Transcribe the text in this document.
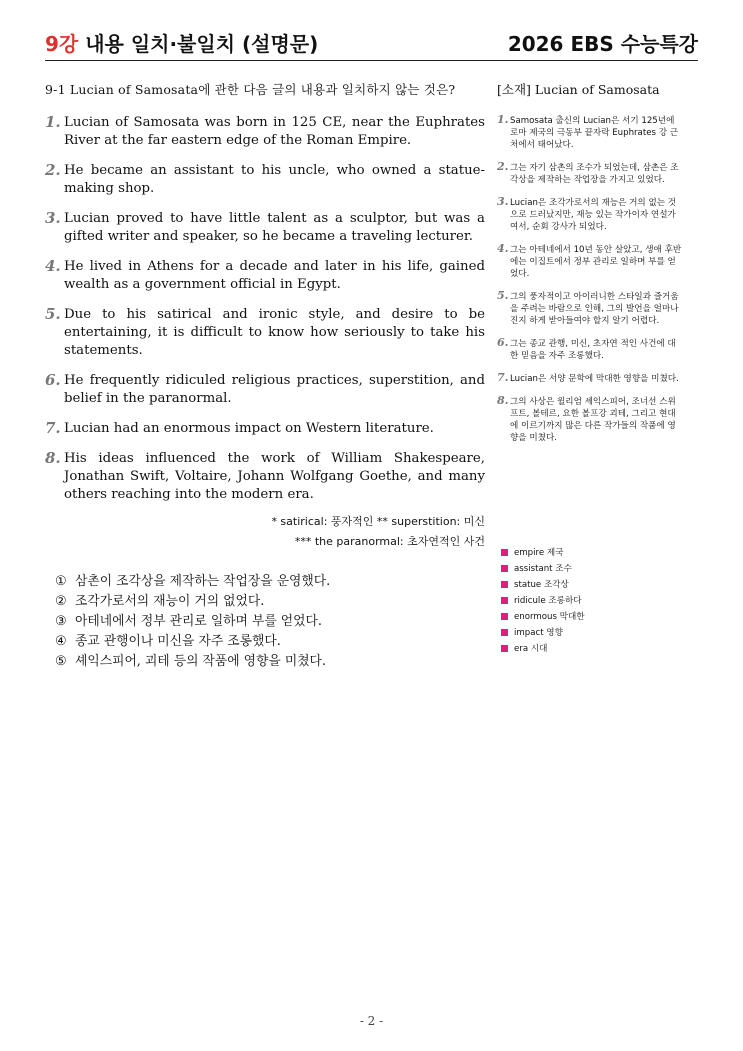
9강 내용 일치·불일치 (설명문)	2026 EBS 수능특강
9-1 Lucian of Samosata에 관한 다음 글의 내용과 일치하지 않는 것은?
1. Lucian of Samosata was born in 125 CE, near the Euphrates River at the far eastern edge of the Roman Empire.
2. He became an assistant to his uncle, who owned a statue-making shop.
3. Lucian proved to have little talent as a sculptor, but was a gifted writer and speaker, so he became a traveling lecturer.
4. He lived in Athens for a decade and later in his life, gained wealth as a government official in Egypt.
5. Due to his satirical and ironic style, and desire to be entertaining, it is difficult to know how seriously to take his statements.
6. He frequently ridiculed religious practices, superstition, and belief in the paranormal.
7. Lucian had an enormous impact on Western literature.
8. His ideas influenced the work of William Shakespeare, Jonathan Swift, Voltaire, Johann Wolfgang Goethe, and many others reaching into the modern era.
* satirical: 풍자적인 ** superstition: 미신
*** the paranormal: 초자연적인 사건
① 삼촌이 조각상을 제작하는 작업장을 운영했다.
② 조각가로서의 재능이 거의 없었다.
③ 아테네에서 정부 관리로 일하며 부를 얻었다.
④ 종교 관행이나 미신을 자주 조롱했다.
⑤ 셰익스피어, 괴테 등의 작품에 영향을 미쳤다.
[소재] Lucian of Samosata
1. Samosata 출신의 Lucian은 서기 125년에 로마 제국의 극동부 끝자락 Euphrates 강 근처에서 태어났다.
2. 그는 자기 삼촌의 조수가 되었는데, 삼촌은 조각상을 제작하는 작업장을 가지고 있었다.
3. Lucian은 조각가로서의 재능은 거의 없는 것으로 드러났지만, 재능 있는 작가이자 연설가여서, 순회 강사가 되었다.
4. 그는 아테네에서 10년 동안 살았고, 생애 후반에는 이집트에서 정부 관리로 일하며 부를 얻었다.
5. 그의 풍자적이고 아이러니한 스타일과 즐거움을 주려는 바람으로 인해, 그의 발언을 얼마나 진지 하게 받아들여야 할지 알기 어렵다.
6. 그는 종교 관행, 미신, 초자연 적인 사건에 대한 믿음을 자주 조롱했다.
7. Lucian은 서양 문학에 막대한 영향을 미쳤다.
8. 그의 사상은 윌리엄 셰익스피어, 조너선 스위프트, 볼테르, 요한 볼프강 괴테, 그리고 현대에 이르기까지 많은 다른 작가들의 작품에 영향을 미쳤다.
empire 제국
assistant 조수
statue 조각상
ridicule 조롱하다
enormous 막대한
impact 영향
era 시대
- 2 -
